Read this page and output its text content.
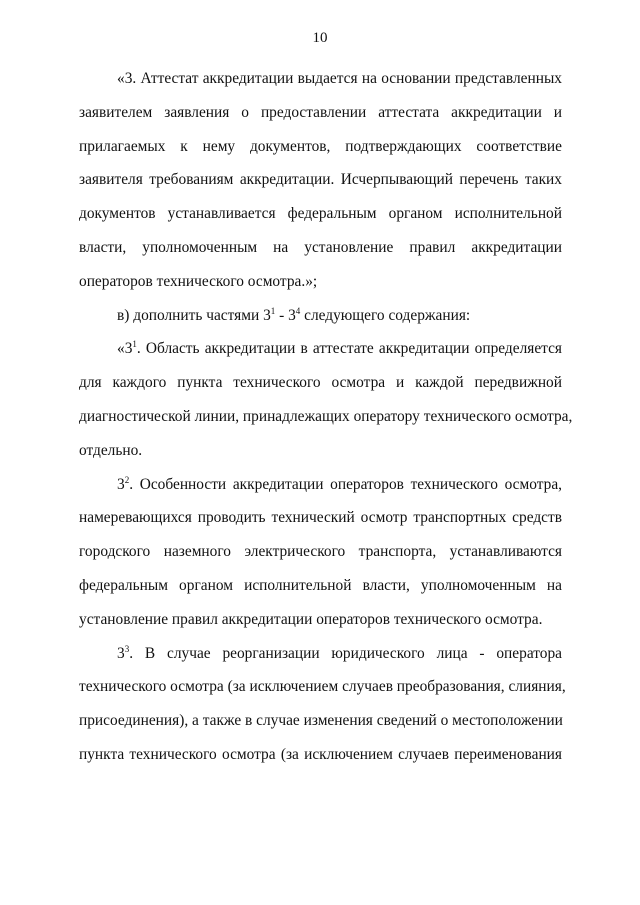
10
«3. Аттестат аккредитации выдается на основании представленных
заявителем заявления о предоставлении аттестата аккредитации и
прилагаемых к нему документов, подтверждающих соответствие
заявителя требованиям аккредитации. Исчерпывающий перечень таких
документов устанавливается федеральным органом исполнительной
власти, уполномоченным на установление правил аккредитации
операторов технического осмотра.»;
в) дополнить частями $3^1 - 3^4$ следующего содержания:
«$3^1$. Область аккредитации в аттестате аккредитации определяется
для каждого пункта технического осмотра и каждой передвижной
диагностической линии, принадлежащих оператору технического осмотра,
отдельно.
$3^2$. Особенности аккредитации операторов технического осмотра,
намеревающихся проводить технический осмотр транспортных средств
городского наземного электрического транспорта, устанавливаются
федеральным органом исполнительной власти, уполномоченным на
установление правил аккредитации операторов технического осмотра.
$3^3$. В случае реорганизации юридического лица - оператора
технического осмотра (за исключением случаев преобразования, слияния,
присоединения), а также в случае изменения сведений о местоположении
пункта технического осмотра (за исключением случаев переименования
